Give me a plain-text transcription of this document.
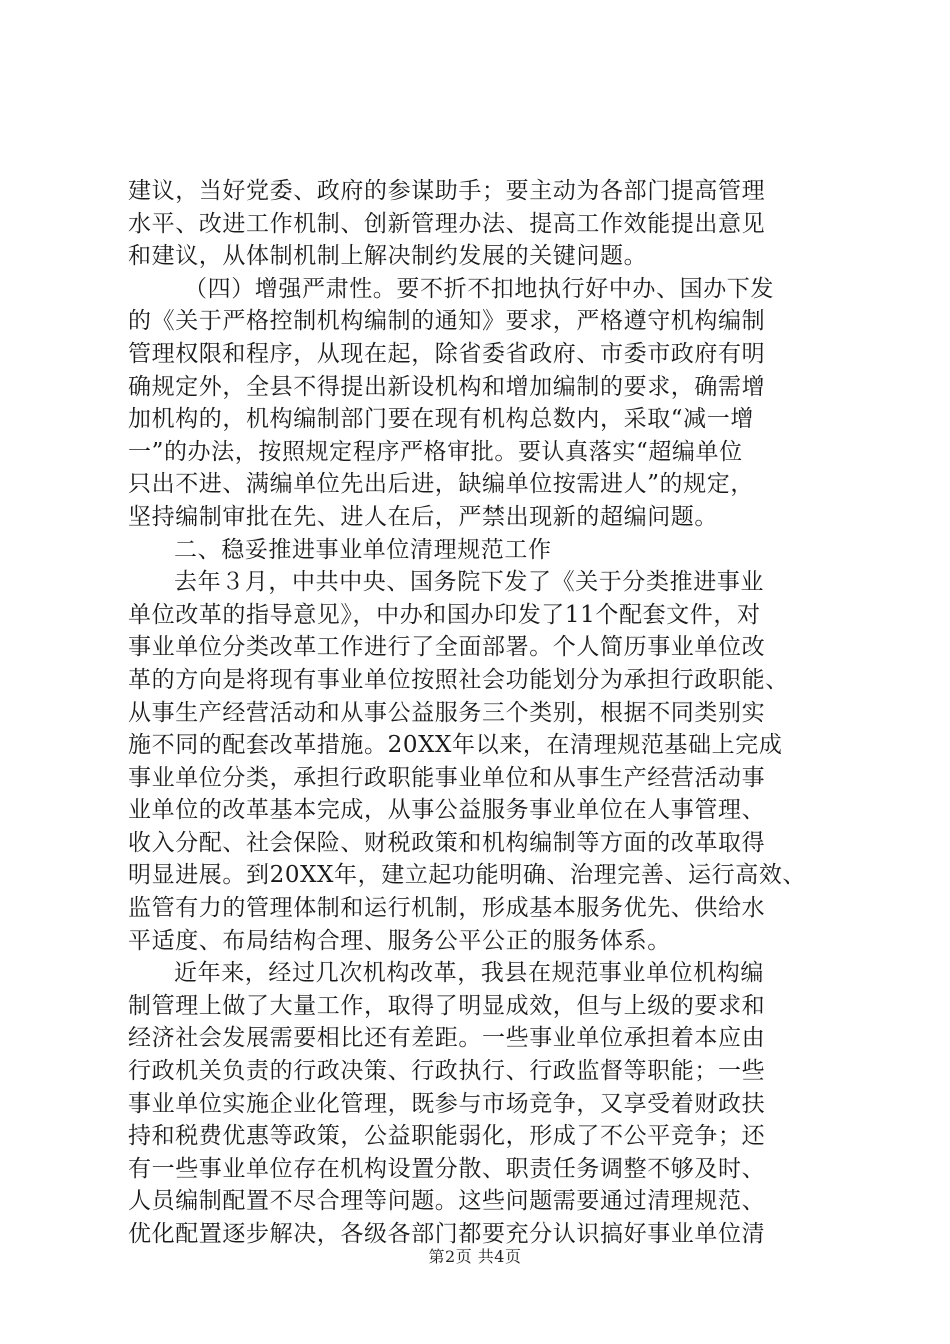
建议，当好党委、政府的参谋助手；要主动为各部门提高管理
水平、改进工作机制、创新管理办法、提高工作效能提出意见
和建议，从体制机制上解决制约发展的关键问题。
（四）增强严肃性。要不折不扣地执行好中办、国办下发
的《关于严格控制机构编制的通知》要求，严格遵守机构编制
管理权限和程序，从现在起，除省委省政府、市委市政府有明
确规定外，全县不得提出新设机构和增加编制的要求，确需增
加机构的，机构编制部门要在现有机构总数内，采取“减一增
一”的办法，按照规定程序严格审批。要认真落实“超编单位
只出不进、满编单位先出后进，缺编单位按需进人”的规定，
坚持编制审批在先、进人在后，严禁出现新的超编问题。
二、稳妥推进事业单位清理规范工作
去年３月，中共中央、国务院下发了《关于分类推进事业
单位改革的指导意见》，中办和国办印发了11个配套文件，对
事业单位分类改革工作进行了全面部署。个人简历事业单位改
革的方向是将现有事业单位按照社会功能划分为承担行政职能、
从事生产经营活动和从事公益服务三个类别，根据不同类别实
施不同的配套改革措施。20XX年以来，在清理规范基础上完成
事业单位分类，承担行政职能事业单位和从事生产经营活动事
业单位的改革基本完成，从事公益服务事业单位在人事管理、
收入分配、社会保险、财税政策和机构编制等方面的改革取得
明显进展。到20XX年，建立起功能明确、治理完善、运行高效、
监管有力的管理体制和运行机制，形成基本服务优先、供给水
平适度、布局结构合理、服务公平公正的服务体系。
近年来，经过几次机构改革，我县在规范事业单位机构编
制管理上做了大量工作，取得了明显成效，但与上级的要求和
经济社会发展需要相比还有差距。一些事业单位承担着本应由
行政机关负责的行政决策、行政执行、行政监督等职能；一些
事业单位实施企业化管理，既参与市场竞争，又享受着财政扶
持和税费优惠等政策，公益职能弱化，形成了不公平竞争；还
有一些事业单位存在机构设置分散、职责任务调整不够及时、
人员编制配置不尽合理等问题。这些问题需要通过清理规范、
优化配置逐步解决，各级各部门都要充分认识搞好事业单位清
第2页 共4页
